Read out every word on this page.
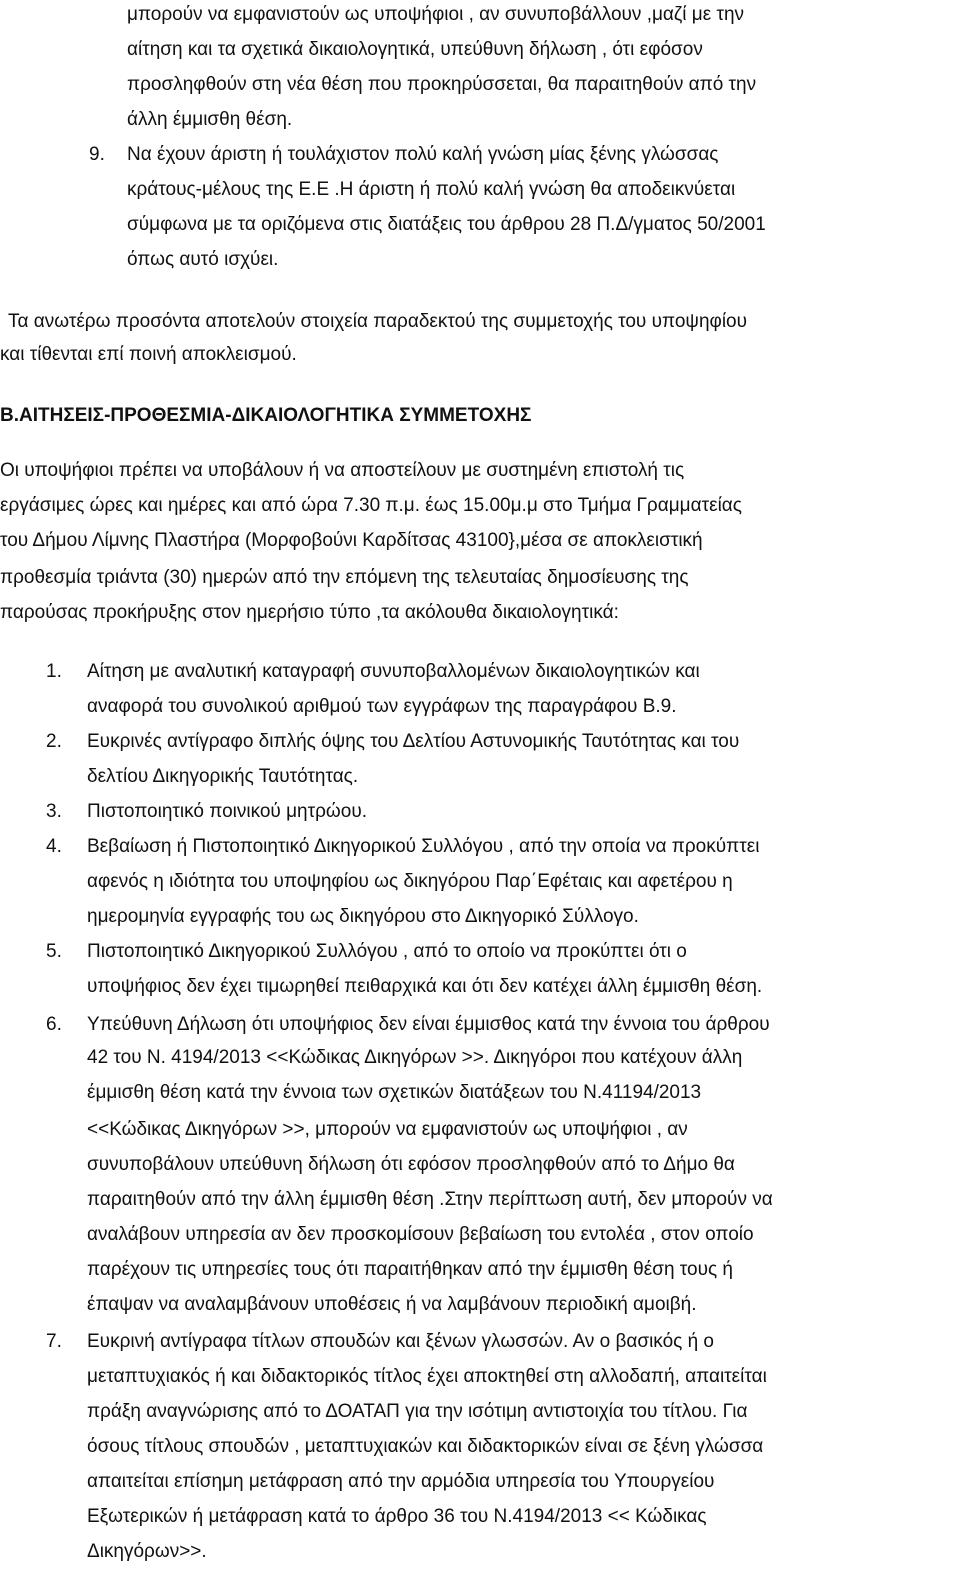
μπορούν να εμφανιστούν ως υποψήφιοι , αν συνυποβάλλουν ,μαζί με την
αίτηση και τα σχετικά δικαιολογητικά, υπεύθυνη δήλωση , ότι εφόσον
προσληφθούν στη νέα θέση που προκηρύσσεται, θα παραιτηθούν από την
άλλη έμμισθη θέση.
9. Να έχουν άριστη ή τουλάχιστον πολύ καλή γνώση μίας ξένης γλώσσας
κράτους-μέλους της Ε.Ε .Η άριστη ή πολύ καλή γνώση θα αποδεικνύεται
σύμφωνα με τα οριζόμενα στις διατάξεις του άρθρου 28 Π.Δ/γματος 50/2001
όπως αυτό ισχύει.
Τα ανωτέρω προσόντα αποτελούν στοιχεία παραδεκτού της συμμετοχής του υποψηφίου
και τίθενται επί ποινή αποκλεισμού.
Β.ΑΙΤΗΣΕΙΣ-ΠΡΟΘΕΣΜΙΑ-ΔΙΚΑΙΟΛΟΓΗΤΙΚΑ ΣΥΜΜΕΤΟΧΗΣ
Οι υποψήφιοι πρέπει να υποβάλουν ή να αποστείλουν με συστημένη επιστολή τις
εργάσιμες ώρες και ημέρες και από ώρα 7.30 π.μ. έως 15.00μ.μ στο Τμήμα Γραμματείας
του Δήμου Λίμνης Πλαστήρα (Μορφοβούνι Καρδίτσας 43100},μέσα σε αποκλειστική
προθεσμία τριάντα (30) ημερών από την επόμενη της τελευταίας δημοσίευσης της
παρούσας προκήρυξης στον ημερήσιο τύπο ,τα ακόλουθα δικαιολογητικά:
1. Αίτηση με αναλυτική καταγραφή συνυποβαλλομένων δικαιολογητικών και
αναφορά του συνολικού αριθμού των εγγράφων της παραγράφου Β.9.
2. Ευκρινές αντίγραφο διπλής όψης του Δελτίου Αστυνομικής Ταυτότητας και του
δελτίου Δικηγορικής Ταυτότητας.
3. Πιστοποιητικό ποινικού μητρώου.
4. Βεβαίωση ή Πιστοποιητικό Δικηγορικού Συλλόγου , από την οποία να προκύπτει
αφενός η ιδιότητα του υποψηφίου ως δικηγόρου Παρ΄Εφέταις και αφετέρου η
ημερομηνία εγγραφής του ως δικηγόρου στο Δικηγορικό Σύλλογο.
5. Πιστοποιητικό Δικηγορικού Συλλόγου , από το οποίο να προκύπτει ότι ο
υποψήφιος δεν έχει τιμωρηθεί πειθαρχικά και ότι δεν κατέχει άλλη έμμισθη θέση.
6. Υπεύθυνη Δήλωση ότι υποψήφιος δεν είναι έμμισθος κατά την έννοια του άρθρου
42 του Ν. 4194/2013 <<Κώδικας Δικηγόρων >>. Δικηγόροι που κατέχουν άλλη
έμμισθη θέση κατά την έννοια των σχετικών διατάξεων του Ν.41194/2013
<<Κώδικας Δικηγόρων >>, μπορούν να εμφανιστούν ως υποψήφιοι , αν
συνυποβάλουν υπεύθυνη δήλωση ότι εφόσον προσληφθούν από το Δήμο θα
παραιτηθούν από την άλλη έμμισθη θέση .Στην περίπτωση αυτή, δεν μπορούν να
αναλάβουν υπηρεσία αν δεν προσκομίσουν βεβαίωση του εντολέα , στον οποίο
παρέχουν τις υπηρεσίες τους ότι παραιτήθηκαν από την έμμισθη θέση τους ή
έπαψαν να αναλαμβάνουν υποθέσεις ή να λαμβάνουν περιοδική αμοιβή.
7. Ευκρινή αντίγραφα τίτλων σπουδών και ξένων γλωσσών. Αν ο βασικός ή ο
μεταπτυχιακός ή και διδακτορικός τίτλος έχει αποκτηθεί στη αλλοδαπή, απαιτείται
πράξη αναγνώρισης από το ΔΟΑΤΑΠ για την ισότιμη αντιστοιχία του τίτλου. Για
όσους τίτλους σπουδών , μεταπτυχιακών και διδακτορικών είναι σε ξένη γλώσσα
απαιτείται επίσημη μετάφραση από την αρμόδια υπηρεσία του Υπουργείου
Εξωτερικών ή μετάφραση κατά το άρθρο 36 του Ν.4194/2013 << Κώδικας
Δικηγόρων>>.
